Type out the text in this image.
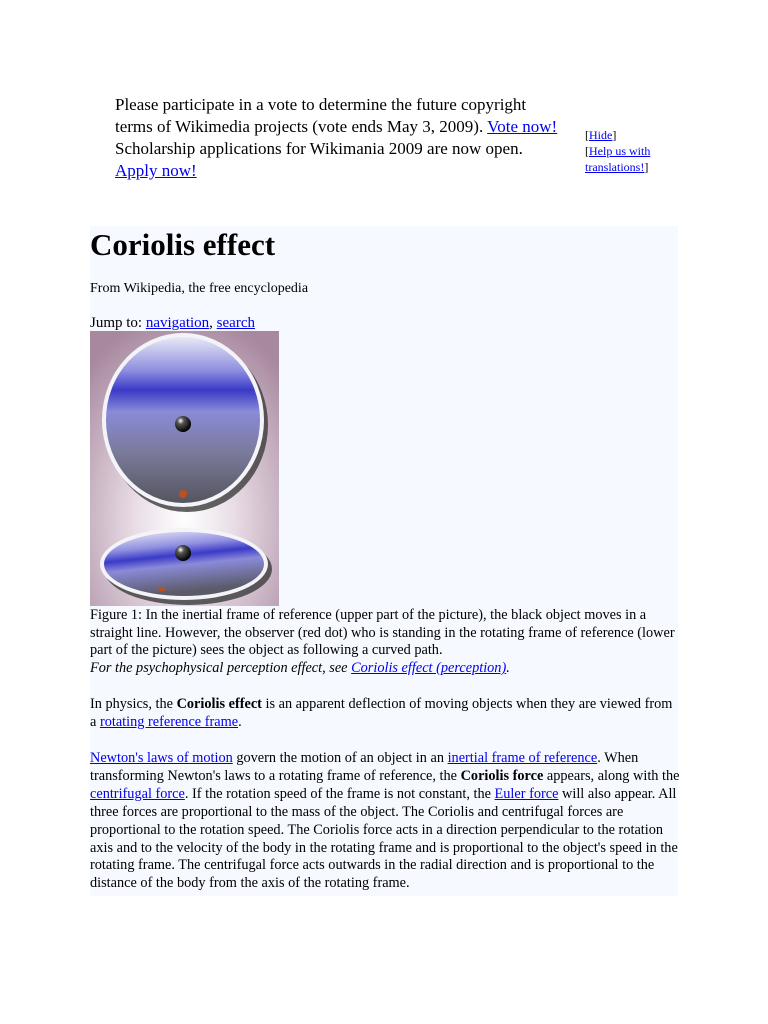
Please participate in a vote to determine the future copyright terms of Wikimedia projects (vote ends May 3, 2009). Vote now!
Scholarship applications for Wikimania 2009 are now open. Apply now!
[Hide]
[Help us with translations!]
Coriolis effect
From Wikipedia, the free encyclopedia
Jump to: navigation, search
Figure 1: In the inertial frame of reference (upper part of the picture), the black object moves in a straight line. However, the observer (red dot) who is standing in the rotating frame of reference (lower part of the picture) sees the object as following a curved path.
For the psychophysical perception effect, see Coriolis effect (perception).
In physics, the Coriolis effect is an apparent deflection of moving objects when they are viewed from a rotating reference frame.
Newton's laws of motion govern the motion of an object in an inertial frame of reference. When transforming Newton's laws to a rotating frame of reference, the Coriolis force appears, along with the centrifugal force. If the rotation speed of the frame is not constant, the Euler force will also appear. All three forces are proportional to the mass of the object. The Coriolis and centrifugal forces are proportional to the rotation speed. The Coriolis force acts in a direction perpendicular to the rotation axis and to the velocity of the body in the rotating frame and is proportional to the object's speed in the rotating frame. The centrifugal force acts outwards in the radial direction and is proportional to the distance of the body from the axis of the rotating frame.
